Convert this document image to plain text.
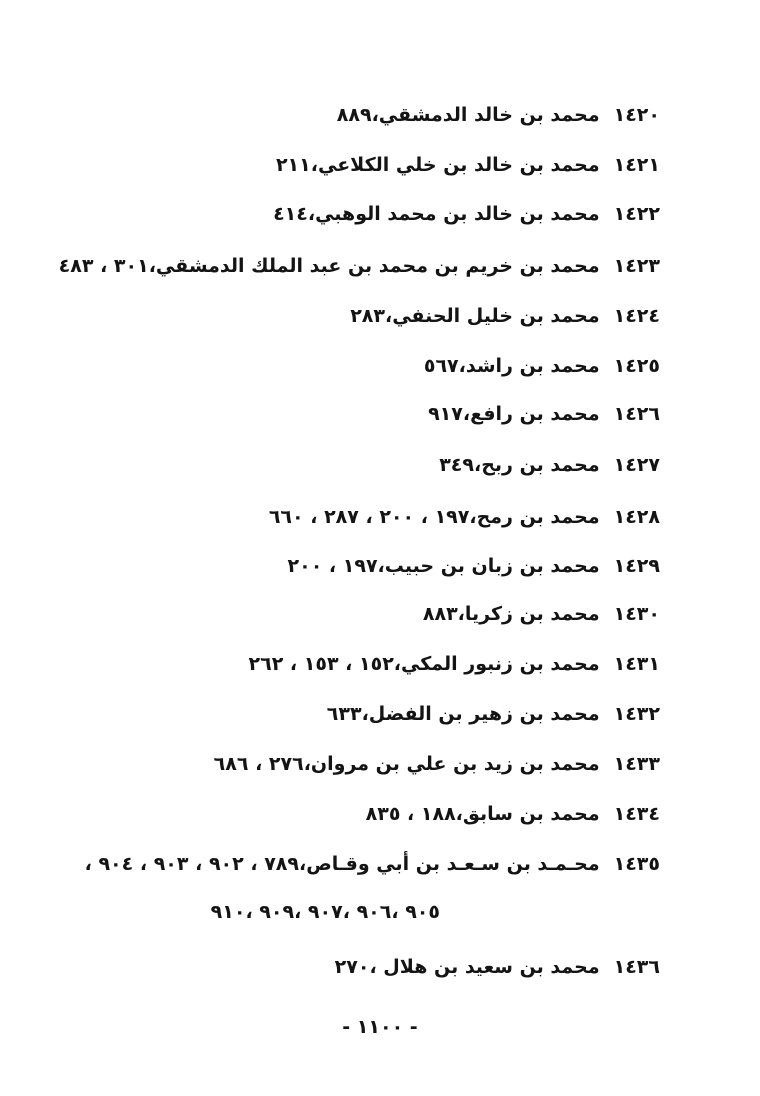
١٤٢٠محمد بن خالد الدمشقي،٨٨٩
١٤٢١محمد بن خالد بن خلي الكلاعي،٢١١
١٤٢٢محمد بن خالد بن محمد الوهبي،٤١٤
١٤٢٣محمد بن خريم بن محمد بن عبد الملك الدمشقي،٣٠١ ، ٤٨٣
١٤٢٤محمد بن خليل الحنفي،٢٨٣
١٤٢٥محمد بن راشد،٥٦٧
١٤٢٦محمد بن رافع،٩١٧
١٤٢٧محمد بن ربح،٣٤٩
١٤٢٨محمد بن رمح،١٩٧ ، ٢٠٠ ، ٢٨٧ ، ٦٦٠
١٤٢٩محمد بن زبان بن حبيب،١٩٧ ، ٢٠٠
١٤٣٠محمد بن زكريا،٨٨٣
١٤٣١محمد بن زنبور المكي،١٥٢ ، ١٥٣ ، ٢٦٢
١٤٣٢محمد بن زهير بن الفضل،٦٣٣
١٤٣٣محمد بن زيد بن علي بن مروان،٢٧٦ ، ٦٨٦
١٤٣٤محمد بن سابق،١٨٨ ، ٨٣٥
١٤٣٥محـمـد بن سـعـد بن أبي وقـاص،٧٨٩ ، ٩٠٢ ، ٩٠٣ ، ٩٠٤ ،
٩٠٥ ،٩٠٦ ،٩٠٧ ،٩٠٩ ،٩١٠
١٤٣٦محمد بن سعيد بن هلال ،٢٧٠
- ١١٠٠ -
